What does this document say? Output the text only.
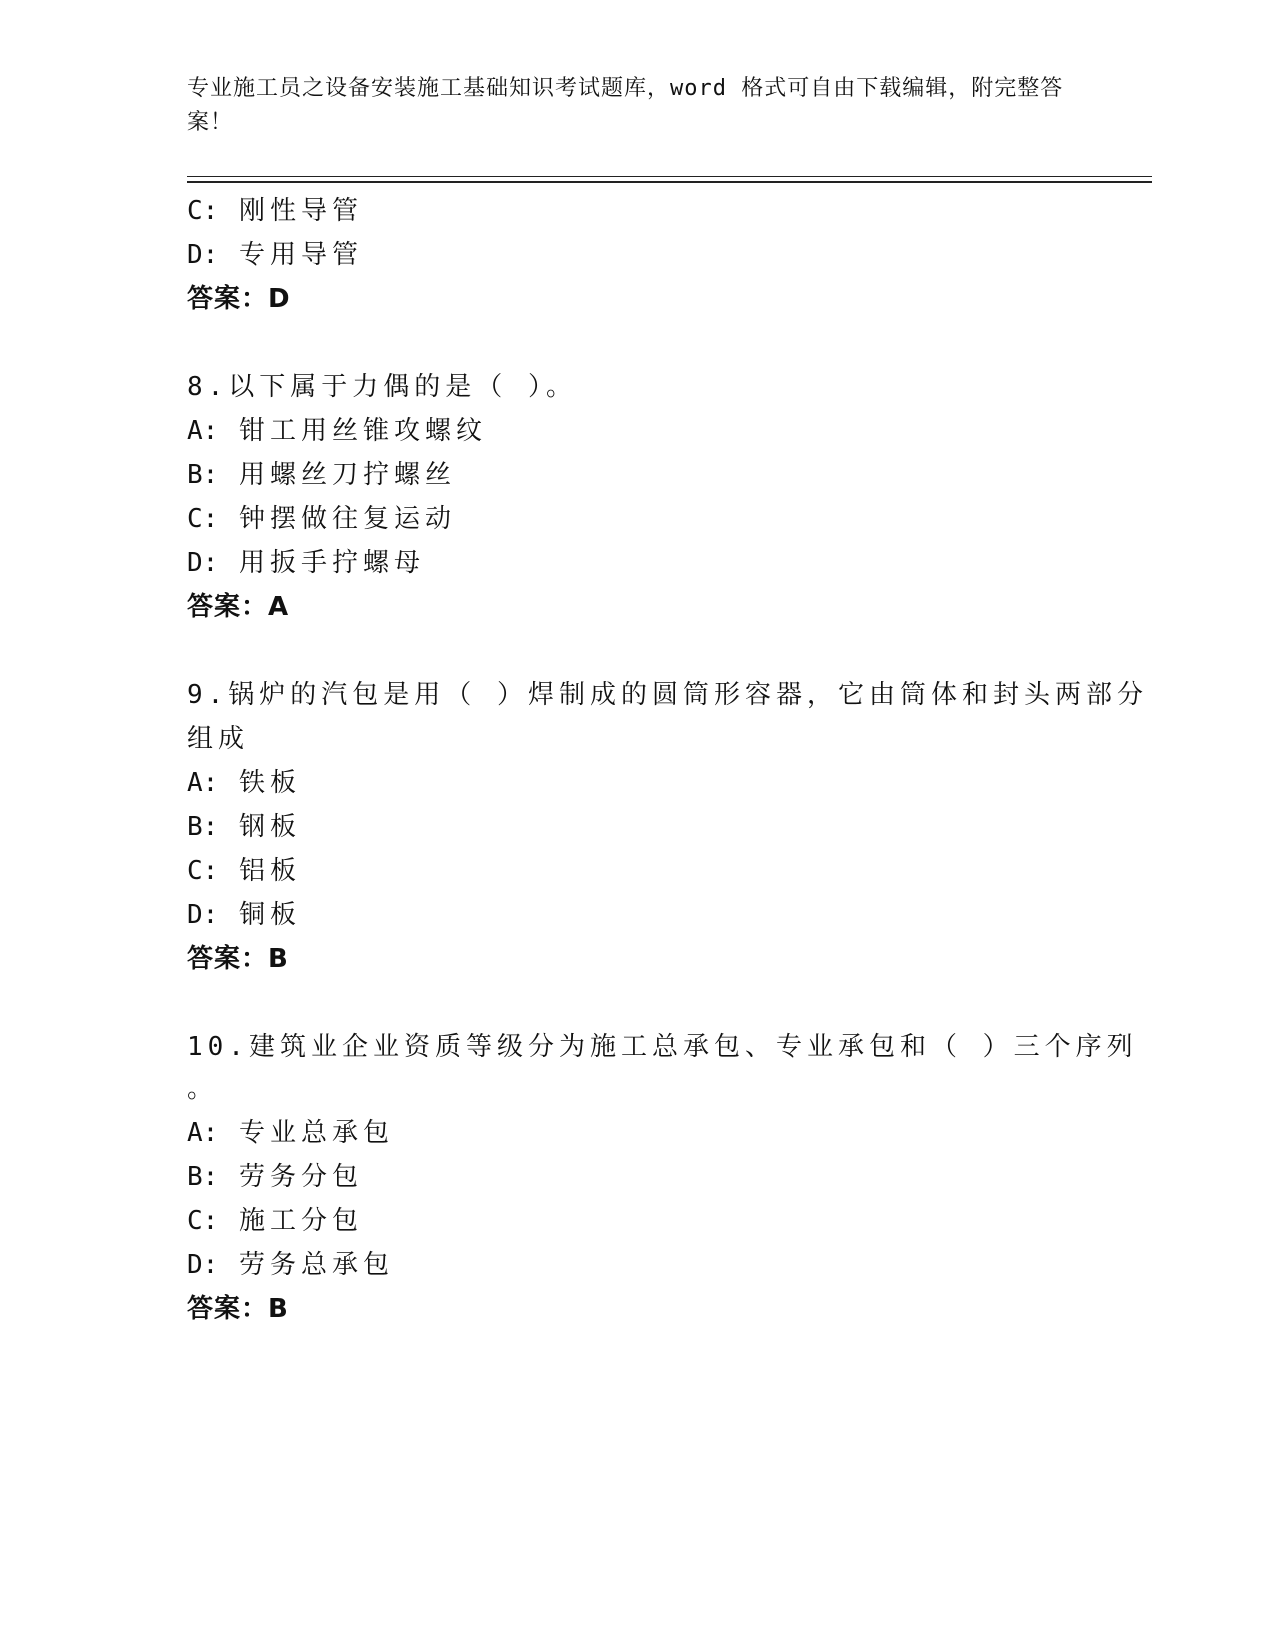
专业施工员之设备安装施工基础知识考试题库，word 格式可自由下载编辑，附完整答案！
C: 刚性导管
D: 专用导管
答案：D
8.以下属于力偶的是（ ）。
A: 钳工用丝锥攻螺纹
B: 用螺丝刀拧螺丝
C: 钟摆做往复运动
D: 用扳手拧螺母
答案：A
9.锅炉的汽包是用（ ）焊制成的圆筒形容器，它由筒体和封头两部分
组成
A: 铁板
B: 钢板
C: 铝板
D: 铜板
答案：B
10.建筑业企业资质等级分为施工总承包、专业承包和（ ）三个序列
。
A: 专业总承包
B: 劳务分包
C: 施工分包
D: 劳务总承包
答案：B
